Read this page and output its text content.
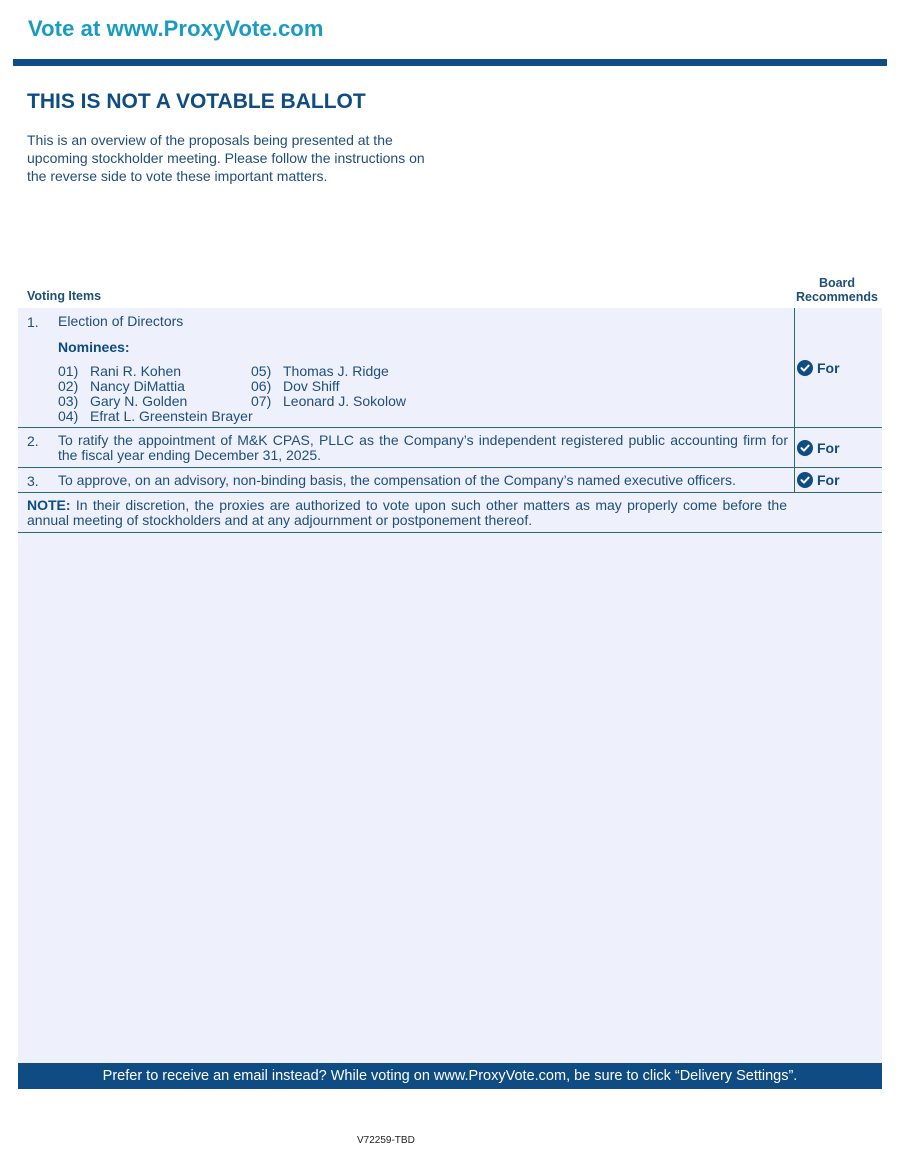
Vote at www.ProxyVote.com
THIS IS NOT A VOTABLE BALLOT
This is an overview of the proposals being presented at the
upcoming stockholder meeting. Please follow the instructions on
the reverse side to vote these important matters.
Voting Items
Board
Recommends
1. Election of Directors
Nominees:
01) Rani R. Kohen
02) Nancy DiMattia
03) Gary N. Golden
04) Efrat L. Greenstein Brayer
05) Thomas J. Ridge
06) Dov Shiff
07) Leonard J. Sokolow
For
2. To ratify the appointment of M&K CPAS, PLLC as the Company’s independent registered public accounting firm for the fiscal year ending December 31, 2025.	For
3. To approve, on an advisory, non-binding basis, the compensation of the Company’s named executive officers.	For
NOTE: In their discretion, the proxies are authorized to vote upon such other matters as may properly come before the annual meeting of stockholders and at any adjournment or postponement thereof.
Prefer to receive an email instead? While voting on www.ProxyVote.com, be sure to click “Delivery Settings”.
V72259-TBD
